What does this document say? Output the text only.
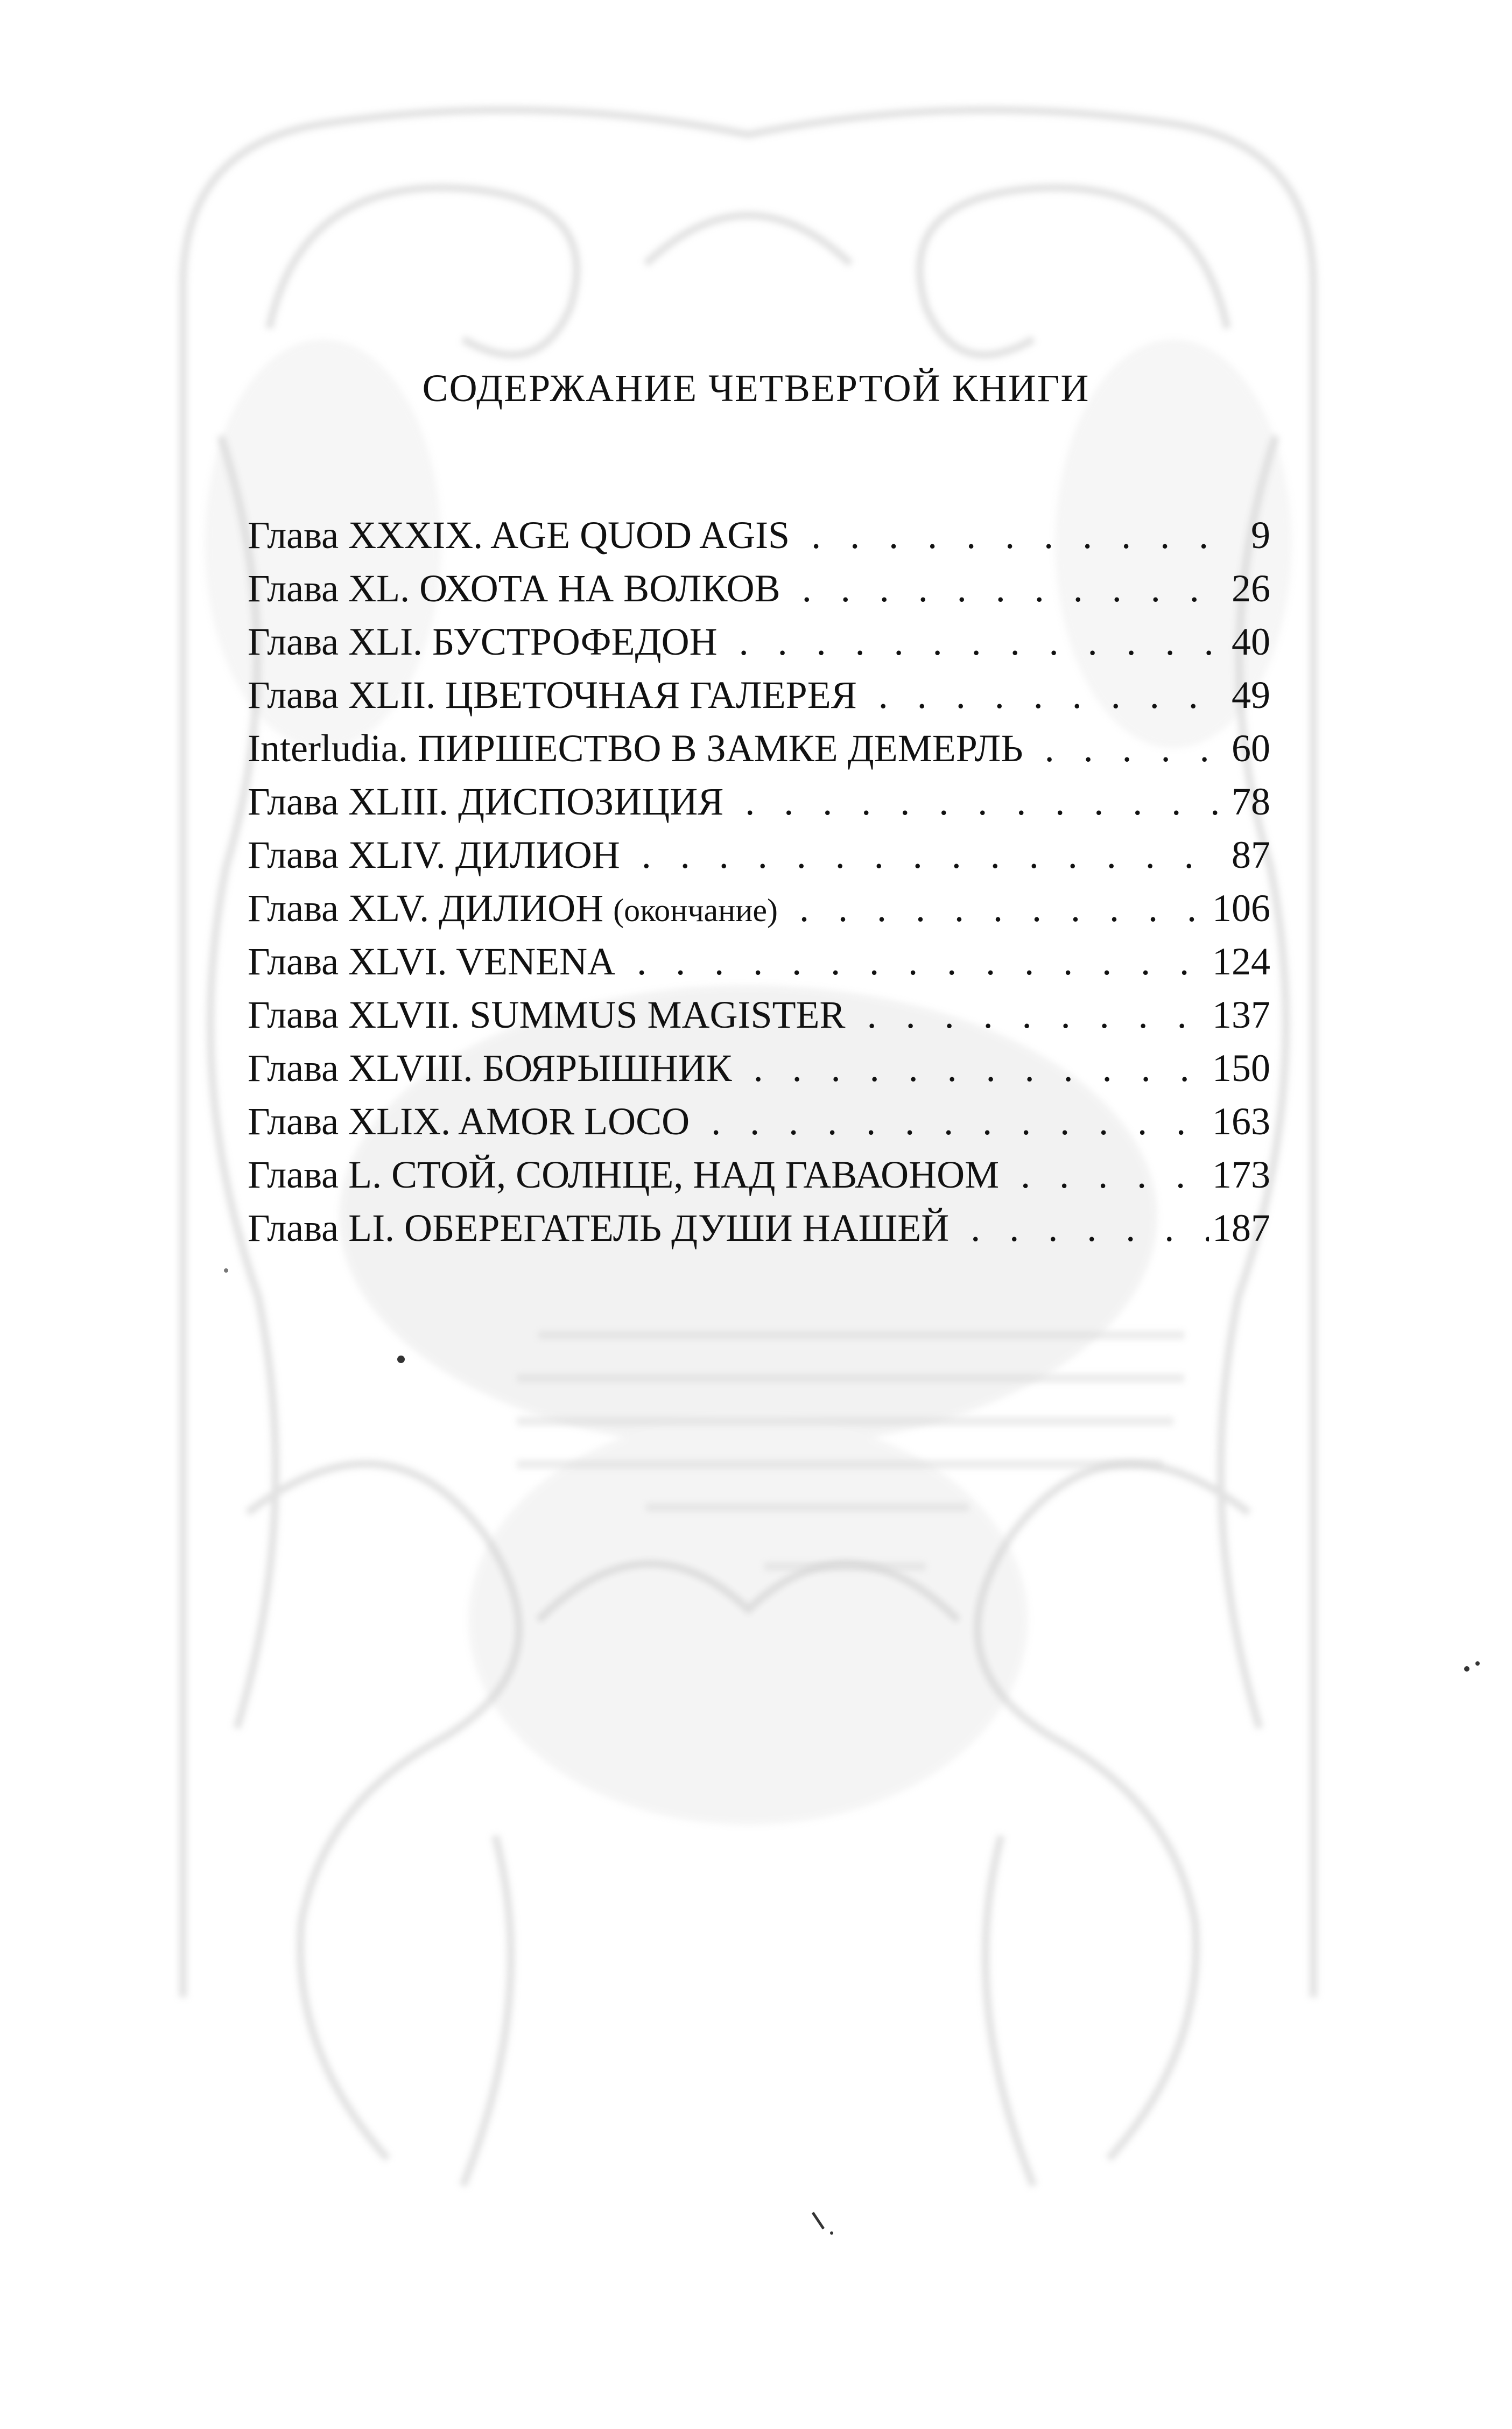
СОДЕРЖАНИЕ ЧЕТВЕРТОЙ КНИГИ
Глава XXXIX. AGE QUOD AGIS . . .	9
Глава XL. ОХОТА НА ВОЛКОВ . . .	26
Глава XLI. БУСТРОФЕДОН . . .	40
Глава XLII. ЦВЕТОЧНАЯ ГАЛЕРЕЯ . . .	49
Interludia. ПИРШЕСТВО В ЗАМКЕ ДЕМЕРЛЬ . . .	60
Глава XLIII. ДИСПОЗИЦИЯ . . .	78
Глава XLIV. ДИЛИОН . . .	87
Глава XLV. ДИЛИОН (окончание) . . .	106
Глава XLVI. VENENA . . .	124
Глава XLVII. SUMMUS MAGISTER . . .	137
Глава XLVIII. БОЯРЫШНИК . . .	150
Глава XLIX. AMOR LOCO . . .	163
Глава L. СТОЙ, СОЛНЦЕ, НАД ГАВАОНОМ . . .	173
Глава LI. ОБЕРЕГАТЕЛЬ ДУШИ НАШЕЙ . . .	187
